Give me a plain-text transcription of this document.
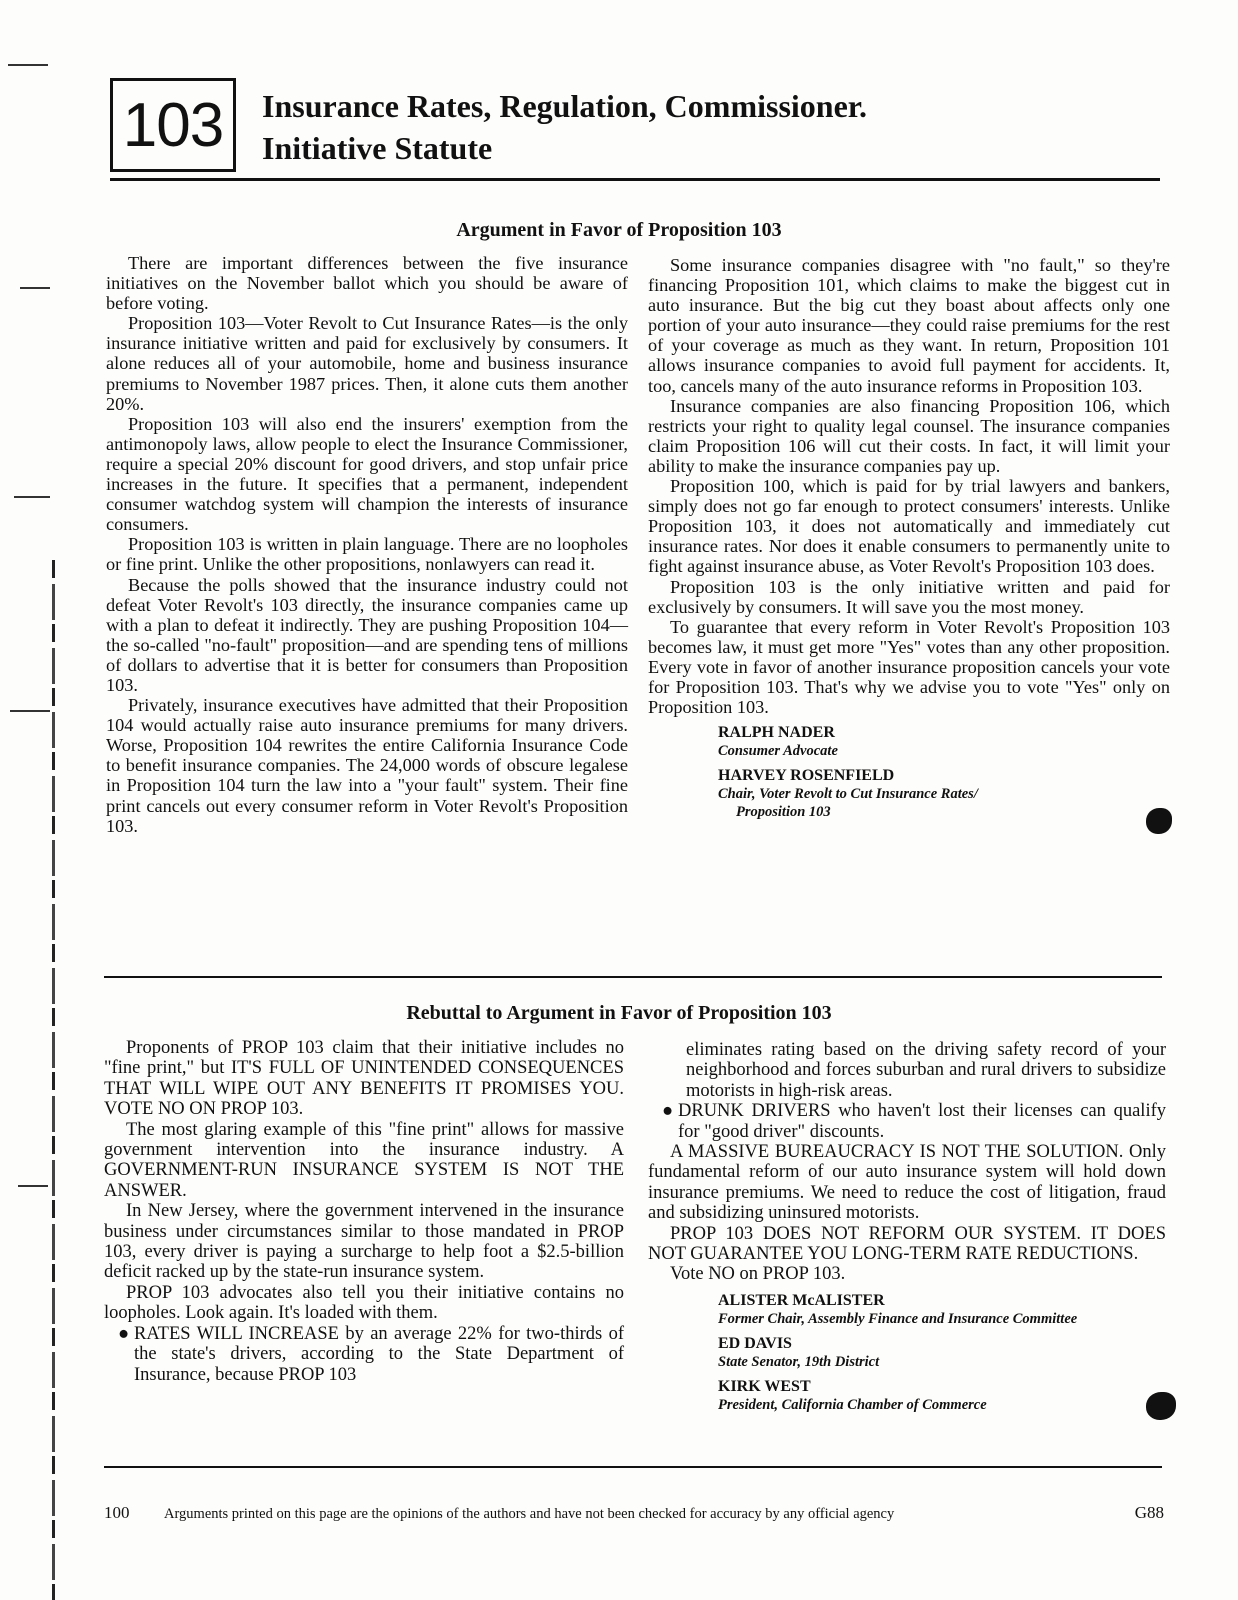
103	Insurance Rates, Regulation, Commissioner.
Initiative Statute
Argument in Favor of Proposition 103

There are important differences between the five insurance initiatives on the November ballot which you should be aware of before voting.

Proposition 103—Voter Revolt to Cut Insurance Rates—is the only insurance initiative written and paid for exclusively by consumers. It alone reduces all of your automobile, home and business insurance premiums to November 1987 prices. Then, it alone cuts them another 20%.

Proposition 103 will also end the insurers' exemption from the antimonopoly laws, allow people to elect the Insurance Commissioner, require a special 20% discount for good drivers, and stop unfair price increases in the future. It specifies that a permanent, independent consumer watchdog system will champion the interests of insurance consumers.

Proposition 103 is written in plain language. There are no loopholes or fine print. Unlike the other propositions, nonlawyers can read it.

Because the polls showed that the insurance industry could not defeat Voter Revolt's 103 directly, the insurance companies came up with a plan to defeat it indirectly. They are pushing Proposition 104—the so-called "no-fault" proposition—and are spending tens of millions of dollars to advertise that it is better for consumers than Proposition 103.

Privately, insurance executives have admitted that their Proposition 104 would actually raise auto insurance premiums for many drivers. Worse, Proposition 104 rewrites the entire California Insurance Code to benefit insurance companies. The 24,000 words of obscure legalese in Proposition 104 turn the law into a "your fault" system. Their fine print cancels out every consumer reform in Voter Revolt's Proposition 103.

Some insurance companies disagree with "no fault," so they're financing Proposition 101, which claims to make the biggest cut in auto insurance. But the big cut they boast about affects only one portion of your auto insurance—they could raise premiums for the rest of your coverage as much as they want. In return, Proposition 101 allows insurance companies to avoid full payment for accidents. It, too, cancels many of the auto insurance reforms in Proposition 103.

Insurance companies are also financing Proposition 106, which restricts your right to quality legal counsel. The insurance companies claim Proposition 106 will cut their costs. In fact, it will limit your ability to make the insurance companies pay up.

Proposition 100, which is paid for by trial lawyers and bankers, simply does not go far enough to protect consumers' interests. Unlike Proposition 103, it does not automatically and immediately cut insurance rates. Nor does it enable consumers to permanently unite to fight against insurance abuse, as Voter Revolt's Proposition 103 does.

Proposition 103 is the only initiative written and paid for exclusively by consumers. It will save you the most money.

To guarantee that every reform in Voter Revolt's Proposition 103 becomes law, it must get more "Yes" votes than any other proposition. Every vote in favor of another insurance proposition cancels your vote for Proposition 103. That's why we advise you to vote "Yes" only on Proposition 103.

RALPH NADER
Consumer Advocate
HARVEY ROSENFIELD
Chair, Voter Revolt to Cut Insurance Rates/
Proposition 103
Rebuttal to Argument in Favor of Proposition 103

Proponents of PROP 103 claim that their initiative includes no "fine print," but IT'S FULL OF UNINTENDED CONSEQUENCES THAT WILL WIPE OUT ANY BENEFITS IT PROMISES YOU. VOTE NO ON PROP 103.

The most glaring example of this "fine print" allows for massive government intervention into the insurance industry. A GOVERNMENT-RUN INSURANCE SYSTEM IS NOT THE ANSWER.

In New Jersey, where the government intervened in the insurance business under circumstances similar to those mandated in PROP 103, every driver is paying a surcharge to help foot a $2.5-billion deficit racked up by the state-run insurance system.

PROP 103 advocates also tell you their initiative contains no loopholes. Look again. It's loaded with them.

● RATES WILL INCREASE by an average 22% for two-thirds of the state's drivers, according to the State Department of Insurance, because PROP 103

eliminates rating based on the driving safety record of your neighborhood and forces suburban and rural drivers to subsidize motorists in high-risk areas.

● DRUNK DRIVERS who haven't lost their licenses can qualify for "good driver" discounts.

A MASSIVE BUREAUCRACY IS NOT THE SOLUTION. Only fundamental reform of our auto insurance system will hold down insurance premiums. We need to reduce the cost of litigation, fraud and subsidizing uninsured motorists.

PROP 103 DOES NOT REFORM OUR SYSTEM. IT DOES NOT GUARANTEE YOU LONG-TERM RATE REDUCTIONS.

Vote NO on PROP 103.

ALISTER McALISTER
Former Chair, Assembly Finance and Insurance Committee
ED DAVIS
State Senator, 19th District
KIRK WEST
President, California Chamber of Commerce
100 Arguments printed on this page are the opinions of the authors and have not been checked for accuracy by any official agency	G88
